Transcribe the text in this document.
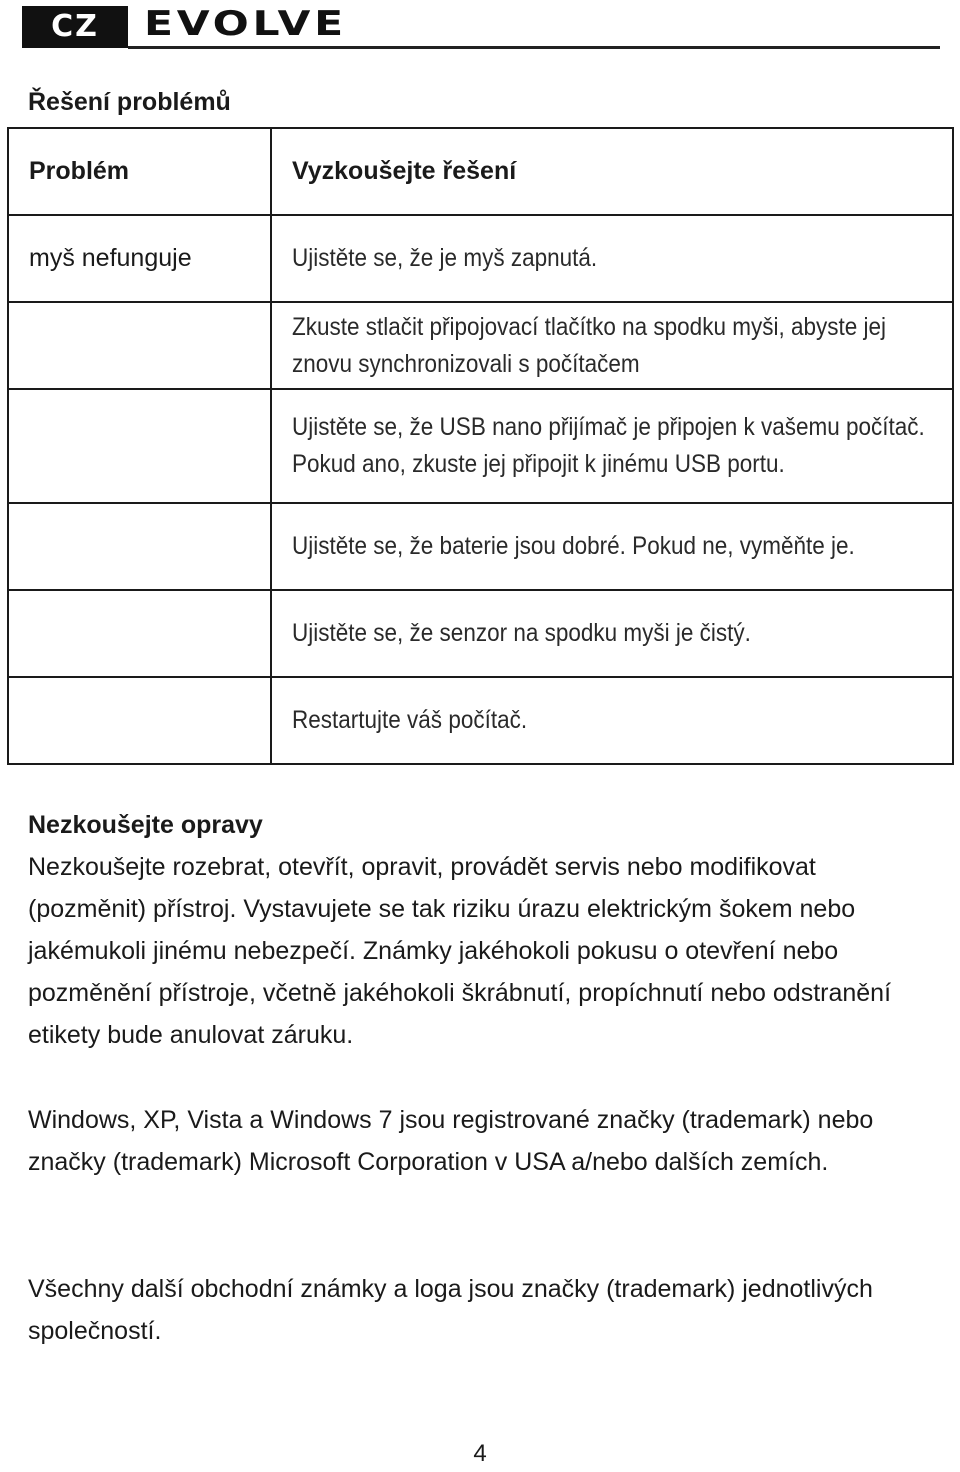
CZ	EVOLVE
Řešení problémů
Problém	Vyzkoušejte řešení
myš nefunguje	Ujistěte se, že je myš zapnutá.
	Zkuste stlačit připojovací tlačítko na spodku myši, abyste jej znovu synchronizovali s počítačem
	Ujistěte se, že USB nano přijímač je připojen k vašemu počítač. Pokud ano, zkuste jej připojit k jinému USB portu.
	Ujistěte se, že baterie jsou dobré. Pokud ne, vyměňte je.
	Ujistěte se, že senzor na spodku myši je čistý.
	Restartujte váš počítač.
Nezkoušejte opravy
Nezkoušejte rozebrat, otevřít, opravit, provádět servis nebo modifikovat (pozměnit) přístroj. Vystavujete se tak riziku úrazu elektrickým šokem nebo jakémukoli jinému nebezpečí. Známky jakéhokoli pokusu o otevření nebo pozměnění přístroje, včetně jakéhokoli škrábnutí, propíchnutí nebo odstranění etikety bude anulovat záruku.
Windows, XP, Vista a Windows 7 jsou registrované značky (trademark) nebo značky (trademark) Microsoft Corporation v USA a/nebo dalších zemích.
Všechny další obchodní známky a loga jsou značky (trademark) jednotlivých společností.
4
